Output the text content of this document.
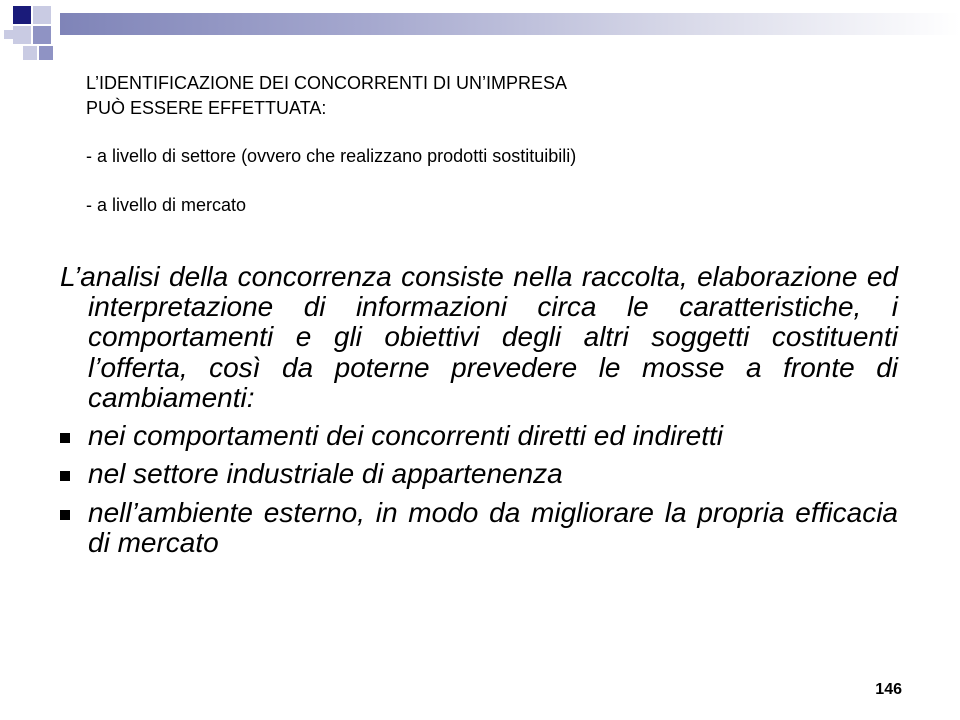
L’IDENTIFICAZIONE DEI CONCORRENTI DI UN’IMPRESA

PUÒ ESSERE EFFETTUATA:

- a livello di settore (ovvero che realizzano prodotti sostituibili)

- a livello di mercato

L’analisi della concorrenza consiste nella raccolta, elaborazione ed interpretazione di informazioni circa le caratteristiche, i comportamenti e gli obiettivi degli altri soggetti costituenti l’offerta, così da poterne prevedere le mosse a fronte di cambiamenti:

nei comportamenti dei concorrenti diretti ed indiretti
nel settore industriale di appartenenza
nell’ambiente esterno, in modo da migliorare la propria efficacia di mercato
146
